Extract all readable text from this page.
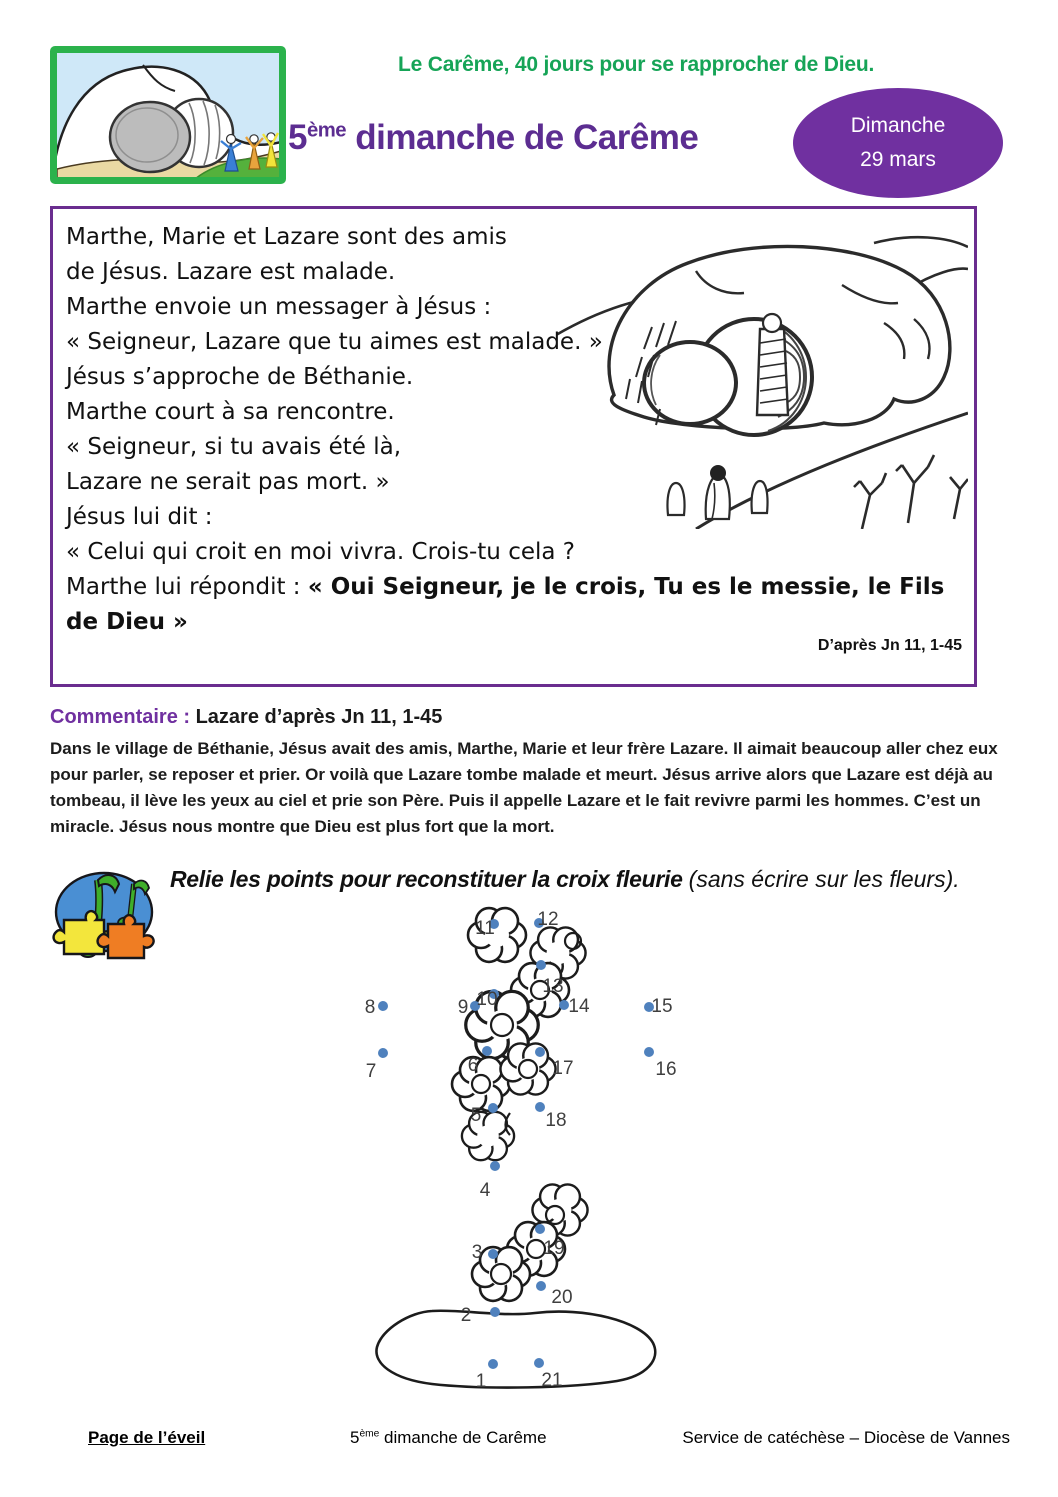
Le Carême, 40 jours pour se rapprocher de Dieu.
5ème dimanche de Carême	Dimanche
29 mars
Marthe, Marie et Lazare sont des amis
de Jésus. Lazare est malade.
Marthe envoie un messager à Jésus :
« Seigneur, Lazare que tu aimes est malade. »
Jésus s’approche de Béthanie.
Marthe court à sa rencontre.
« Seigneur, si tu avais été là,
Lazare ne serait pas mort. »
Jésus lui dit :
« Celui qui croit en moi vivra. Crois-tu cela ?
Marthe lui répondit : « Oui Seigneur, je le crois, Tu es le messie, le Fils
de Dieu »
D’après Jn 11, 1-45
Commentaire : Lazare d’après Jn 11, 1-45
Dans le village de Béthanie, Jésus avait des amis, Marthe, Marie et leur frère Lazare. Il aimait beaucoup aller chez eux pour parler, se reposer et prier. Or voilà que Lazare tombe malade et meurt. Jésus arrive alors que Lazare est déjà au tombeau, il lève les yeux au ciel et prie son Père. Puis il appelle Lazare et le fait revivre parmi les hommes. C’est un miracle. Jésus nous montre que Dieu est plus fort que la mort.
Relie les points pour reconstituer la croix fleurie (sans écrire sur les fleurs).
1
2
3
4
5
6
7
8	9 10
11 12
13
14	15
16
17
18
19
20
21
Page de l’éveil	5ème dimanche de Carême	Service de catéchèse – Diocèse de Vannes
